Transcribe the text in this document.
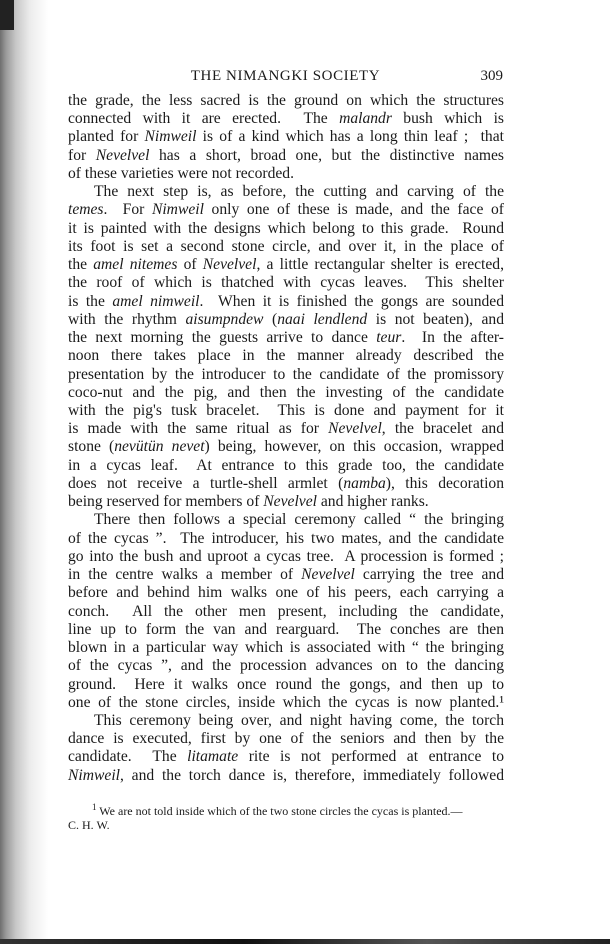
THE NIMANGKI SOCIETY	309
the grade, the less sacred is the ground on which the structures
connected with it are erected.  The malandr bush which is
planted for Nimweil is of a kind which has a long thin leaf ;  that
for Nevelvel has a short, broad one, but the distinctive names
of these varieties were not recorded.
The next step is, as before, the cutting and carving of the
temes.  For Nimweil only one of these is made, and the face of
it is painted with the designs which belong to this grade.  Round
its foot is set a second stone circle, and over it, in the place of
the amel nitemes of Nevelvel, a little rectangular shelter is erected,
the roof of which is thatched with cycas leaves.  This shelter
is the amel nimweil.  When it is finished the gongs are sounded
with the rhythm aisumpndew (naai lendlend is not beaten), and
the next morning the guests arrive to dance teur.  In the after-
noon there takes place in the manner already described the
presentation by the introducer to the candidate of the promissory
coco-nut and the pig, and then the investing of the candidate
with the pig's tusk bracelet.  This is done and payment for it
is made with the same ritual as for Nevelvel, the bracelet and
stone (nevütün nevet) being, however, on this occasion, wrapped
in a cycas leaf.  At entrance to this grade too, the candidate
does not receive a turtle-shell armlet (namba), this decoration
being reserved for members of Nevelvel and higher ranks.
There then follows a special ceremony called “ the bringing
of the cycas ”.  The introducer, his two mates, and the candidate
go into the bush and uproot a cycas tree.  A procession is formed ;
in the centre walks a member of Nevelvel carrying the tree and
before and behind him walks one of his peers, each carrying a
conch.  All the other men present, including the candidate,
line up to form the van and rearguard.  The conches are then
blown in a particular way which is associated with “ the bringing
of the cycas ”, and the procession advances on to the dancing
ground.  Here it walks once round the gongs, and then up to
one of the stone circles, inside which the cycas is now planted.¹
This ceremony being over, and night having come, the torch
dance is executed, first by one of the seniors and then by the
candidate.  The litamate rite is not performed at entrance to
Nimweil, and the torch dance is, therefore, immediately followed
$^1$ We are not told inside which of the two stone circles the cycas is planted.—
C. H. W.
